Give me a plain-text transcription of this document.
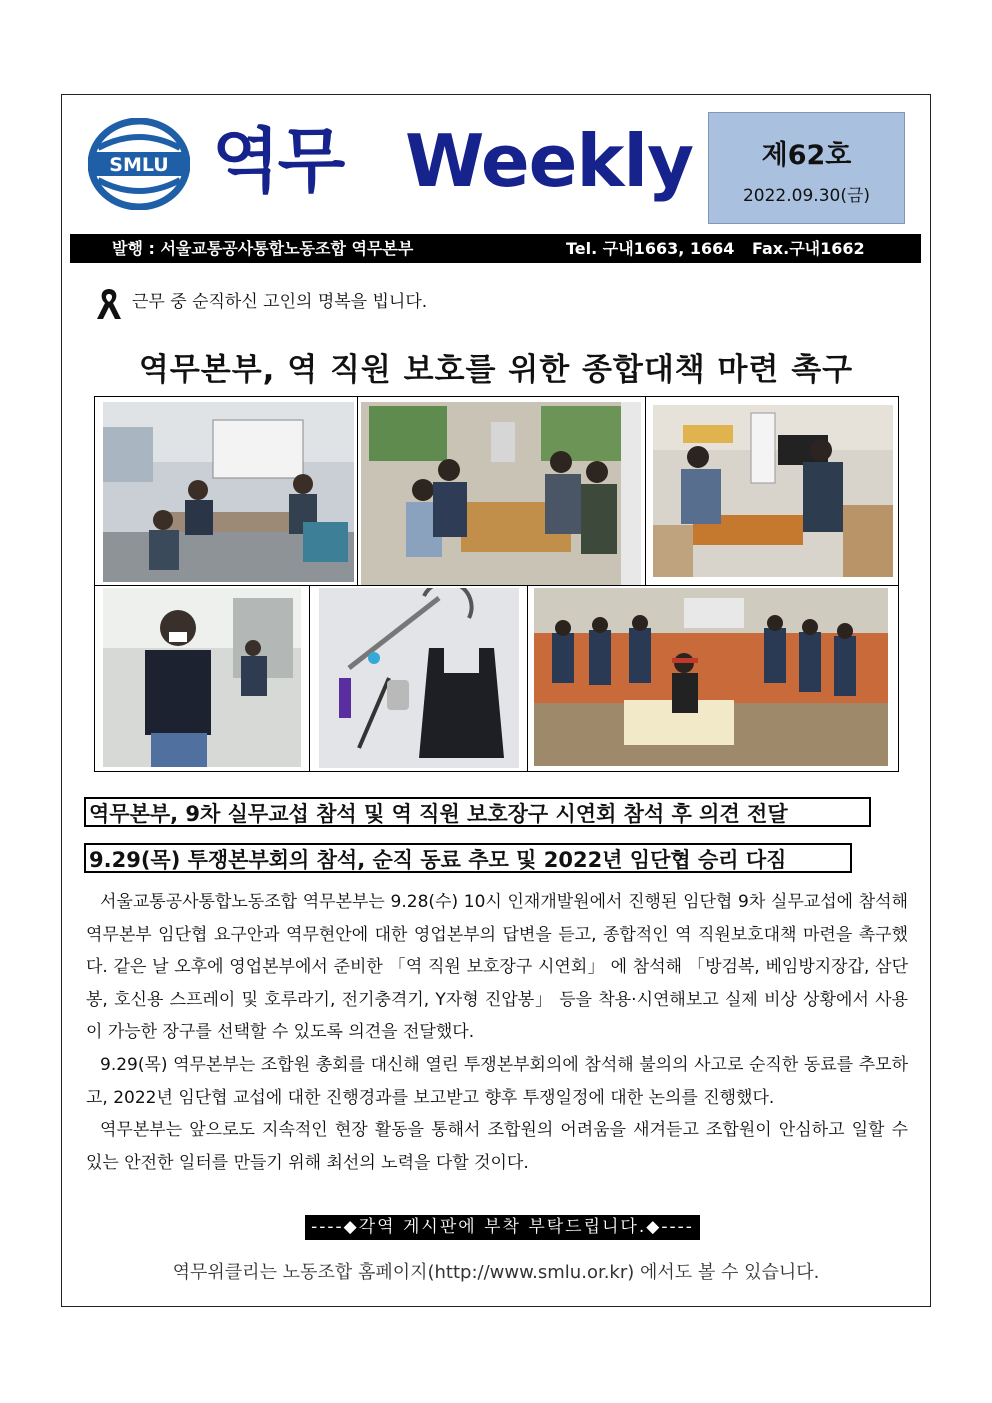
SMLU 역무 Weekly	제62호
2022.09.30(금)
발행 : 서울교통공사통합노동조합 역무본부	Tel. 구내1663, 1664 Fax.구내1662
근무 중 순직하신 고인의 명복을 빕니다.
역무본부, 역 직원 보호를 위한 종합대책 마련 촉구
역무본부, 9차 실무교섭 참석 및 역 직원 보호장구 시연회 참석 후 의견 전달
9.29(목) 투쟁본부회의 참석, 순직 동료 추모 및 2022년 임단협 승리 다짐

서울교통공사통합노동조합 역무본부는 9.28(수) 10시 인재개발원에서 진행된 임단협 9차 실무교섭에 참석해 역무본부 임단협 요구안과 역무현안에 대한 영업본부의 답변을 듣고, 종합적인 역 직원보호대책 마련을 촉구했다. 같은 날 오후에 영업본부에서 준비한 「역 직원 보호장구 시연회」 에 참석해 「방검복, 베임방지장갑, 삼단봉, 호신용 스프레이 및 호루라기, 전기충격기, Y자형 진압봉」 등을 착용·시연해보고 실제 비상 상황에서 사용이 가능한 장구를 선택할 수 있도록 의견을 전달했다.

9.29(목) 역무본부는 조합원 총회를 대신해 열린 투쟁본부회의에 참석해 불의의 사고로 순직한 동료를 추모하고, 2022년 임단협 교섭에 대한 진행경과를 보고받고 향후 투쟁일정에 대한 논의를 진행했다.

역무본부는 앞으로도 지속적인 현장 활동을 통해서 조합원의 어려움을 새겨듣고 조합원이 안심하고 일할 수 있는 안전한 일터를 만들기 위해 최선의 노력을 다할 것이다.

----◆각역 게시판에 부착 부탁드립니다.◆----
역무위클리는 노동조합 홈페이지(http://www.smlu.or.kr) 에서도 볼 수 있습니다.
